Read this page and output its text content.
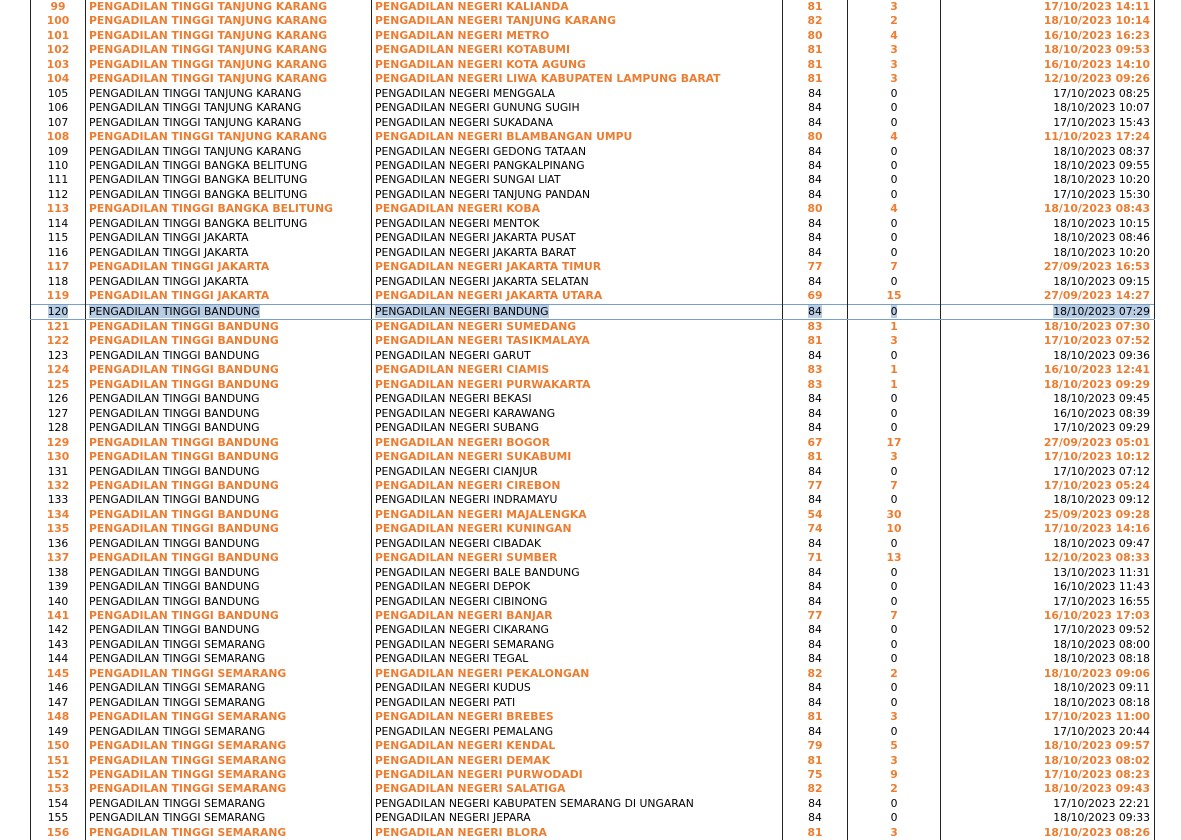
99	PENGADILAN TINGGI TANJUNG KARANG	PENGADILAN NEGERI KALIANDA	81	3	17/10/2023 14:11
100	PENGADILAN TINGGI TANJUNG KARANG	PENGADILAN NEGERI TANJUNG KARANG	82	2	18/10/2023 10:14
101	PENGADILAN TINGGI TANJUNG KARANG	PENGADILAN NEGERI METRO	80	4	16/10/2023 16:23
102	PENGADILAN TINGGI TANJUNG KARANG	PENGADILAN NEGERI KOTABUMI	81	3	18/10/2023 09:53
103	PENGADILAN TINGGI TANJUNG KARANG	PENGADILAN NEGERI KOTA AGUNG	81	3	16/10/2023 14:10
104	PENGADILAN TINGGI TANJUNG KARANG	PENGADILAN NEGERI LIWA KABUPATEN LAMPUNG BARAT	81	3	12/10/2023 09:26
105	PENGADILAN TINGGI TANJUNG KARANG	PENGADILAN NEGERI MENGGALA	84	0	17/10/2023 08:25
106	PENGADILAN TINGGI TANJUNG KARANG	PENGADILAN NEGERI GUNUNG SUGIH	84	0	18/10/2023 10:07
107	PENGADILAN TINGGI TANJUNG KARANG	PENGADILAN NEGERI SUKADANA	84	0	17/10/2023 15:43
108	PENGADILAN TINGGI TANJUNG KARANG	PENGADILAN NEGERI BLAMBANGAN UMPU	80	4	11/10/2023 17:24
109	PENGADILAN TINGGI TANJUNG KARANG	PENGADILAN NEGERI GEDONG TATAAN	84	0	18/10/2023 08:37
110	PENGADILAN TINGGI BANGKA BELITUNG	PENGADILAN NEGERI PANGKALPINANG	84	0	18/10/2023 09:55
111	PENGADILAN TINGGI BANGKA BELITUNG	PENGADILAN NEGERI SUNGAI LIAT	84	0	18/10/2023 10:20
112	PENGADILAN TINGGI BANGKA BELITUNG	PENGADILAN NEGERI TANJUNG PANDAN	84	0	17/10/2023 15:30
113	PENGADILAN TINGGI BANGKA BELITUNG	PENGADILAN NEGERI KOBA	80	4	18/10/2023 08:43
114	PENGADILAN TINGGI BANGKA BELITUNG	PENGADILAN NEGERI MENTOK	84	0	18/10/2023 10:15
115	PENGADILAN TINGGI JAKARTA	PENGADILAN NEGERI JAKARTA PUSAT	84	0	18/10/2023 08:46
116	PENGADILAN TINGGI JAKARTA	PENGADILAN NEGERI JAKARTA BARAT	84	0	18/10/2023 10:20
117	PENGADILAN TINGGI JAKARTA	PENGADILAN NEGERI JAKARTA TIMUR	77	7	27/09/2023 16:53
118	PENGADILAN TINGGI JAKARTA	PENGADILAN NEGERI JAKARTA SELATAN	84	0	18/10/2023 09:15
119	PENGADILAN TINGGI JAKARTA	PENGADILAN NEGERI JAKARTA UTARA	69	15	27/09/2023 14:27
120	PENGADILAN TINGGI BANDUNG	PENGADILAN NEGERI BANDUNG	84	0	18/10/2023 07:29
121	PENGADILAN TINGGI BANDUNG	PENGADILAN NEGERI SUMEDANG	83	1	18/10/2023 07:30
122	PENGADILAN TINGGI BANDUNG	PENGADILAN NEGERI TASIKMALAYA	81	3	17/10/2023 07:52
123	PENGADILAN TINGGI BANDUNG	PENGADILAN NEGERI GARUT	84	0	18/10/2023 09:36
124	PENGADILAN TINGGI BANDUNG	PENGADILAN NEGERI CIAMIS	83	1	16/10/2023 12:41
125	PENGADILAN TINGGI BANDUNG	PENGADILAN NEGERI PURWAKARTA	83	1	18/10/2023 09:29
126	PENGADILAN TINGGI BANDUNG	PENGADILAN NEGERI BEKASI	84	0	18/10/2023 09:45
127	PENGADILAN TINGGI BANDUNG	PENGADILAN NEGERI KARAWANG	84	0	16/10/2023 08:39
128	PENGADILAN TINGGI BANDUNG	PENGADILAN NEGERI SUBANG	84	0	17/10/2023 09:29
129	PENGADILAN TINGGI BANDUNG	PENGADILAN NEGERI BOGOR	67	17	27/09/2023 05:01
130	PENGADILAN TINGGI BANDUNG	PENGADILAN NEGERI SUKABUMI	81	3	17/10/2023 10:12
131	PENGADILAN TINGGI BANDUNG	PENGADILAN NEGERI CIANJUR	84	0	17/10/2023 07:12
132	PENGADILAN TINGGI BANDUNG	PENGADILAN NEGERI CIREBON	77	7	17/10/2023 05:24
133	PENGADILAN TINGGI BANDUNG	PENGADILAN NEGERI INDRAMAYU	84	0	18/10/2023 09:12
134	PENGADILAN TINGGI BANDUNG	PENGADILAN NEGERI MAJALENGKA	54	30	25/09/2023 09:28
135	PENGADILAN TINGGI BANDUNG	PENGADILAN NEGERI KUNINGAN	74	10	17/10/2023 14:16
136	PENGADILAN TINGGI BANDUNG	PENGADILAN NEGERI CIBADAK	84	0	18/10/2023 09:47
137	PENGADILAN TINGGI BANDUNG	PENGADILAN NEGERI SUMBER	71	13	12/10/2023 08:33
138	PENGADILAN TINGGI BANDUNG	PENGADILAN NEGERI BALE BANDUNG	84	0	13/10/2023 11:31
139	PENGADILAN TINGGI BANDUNG	PENGADILAN NEGERI DEPOK	84	0	16/10/2023 11:43
140	PENGADILAN TINGGI BANDUNG	PENGADILAN NEGERI CIBINONG	84	0	17/10/2023 16:55
141	PENGADILAN TINGGI BANDUNG	PENGADILAN NEGERI BANJAR	77	7	16/10/2023 17:03
142	PENGADILAN TINGGI BANDUNG	PENGADILAN NEGERI CIKARANG	84	0	17/10/2023 09:52
143	PENGADILAN TINGGI SEMARANG	PENGADILAN NEGERI SEMARANG	84	0	18/10/2023 08:00
144	PENGADILAN TINGGI SEMARANG	PENGADILAN NEGERI TEGAL	84	0	18/10/2023 08:18
145	PENGADILAN TINGGI SEMARANG	PENGADILAN NEGERI PEKALONGAN	82	2	18/10/2023 09:06
146	PENGADILAN TINGGI SEMARANG	PENGADILAN NEGERI KUDUS	84	0	18/10/2023 09:11
147	PENGADILAN TINGGI SEMARANG	PENGADILAN NEGERI PATI	84	0	18/10/2023 08:18
148	PENGADILAN TINGGI SEMARANG	PENGADILAN NEGERI BREBES	81	3	17/10/2023 11:00
149	PENGADILAN TINGGI SEMARANG	PENGADILAN NEGERI PEMALANG	84	0	17/10/2023 20:44
150	PENGADILAN TINGGI SEMARANG	PENGADILAN NEGERI KENDAL	79	5	18/10/2023 09:57
151	PENGADILAN TINGGI SEMARANG	PENGADILAN NEGERI DEMAK	81	3	18/10/2023 08:02
152	PENGADILAN TINGGI SEMARANG	PENGADILAN NEGERI PURWODADI	75	9	17/10/2023 08:23
153	PENGADILAN TINGGI SEMARANG	PENGADILAN NEGERI SALATIGA	82	2	18/10/2023 09:43
154	PENGADILAN TINGGI SEMARANG	PENGADILAN NEGERI KABUPATEN SEMARANG DI UNGARAN	84	0	17/10/2023 22:21
155	PENGADILAN TINGGI SEMARANG	PENGADILAN NEGERI JEPARA	84	0	18/10/2023 09:33
156	PENGADILAN TINGGI SEMARANG	PENGADILAN NEGERI BLORA	81	3	18/10/2023 08:26
